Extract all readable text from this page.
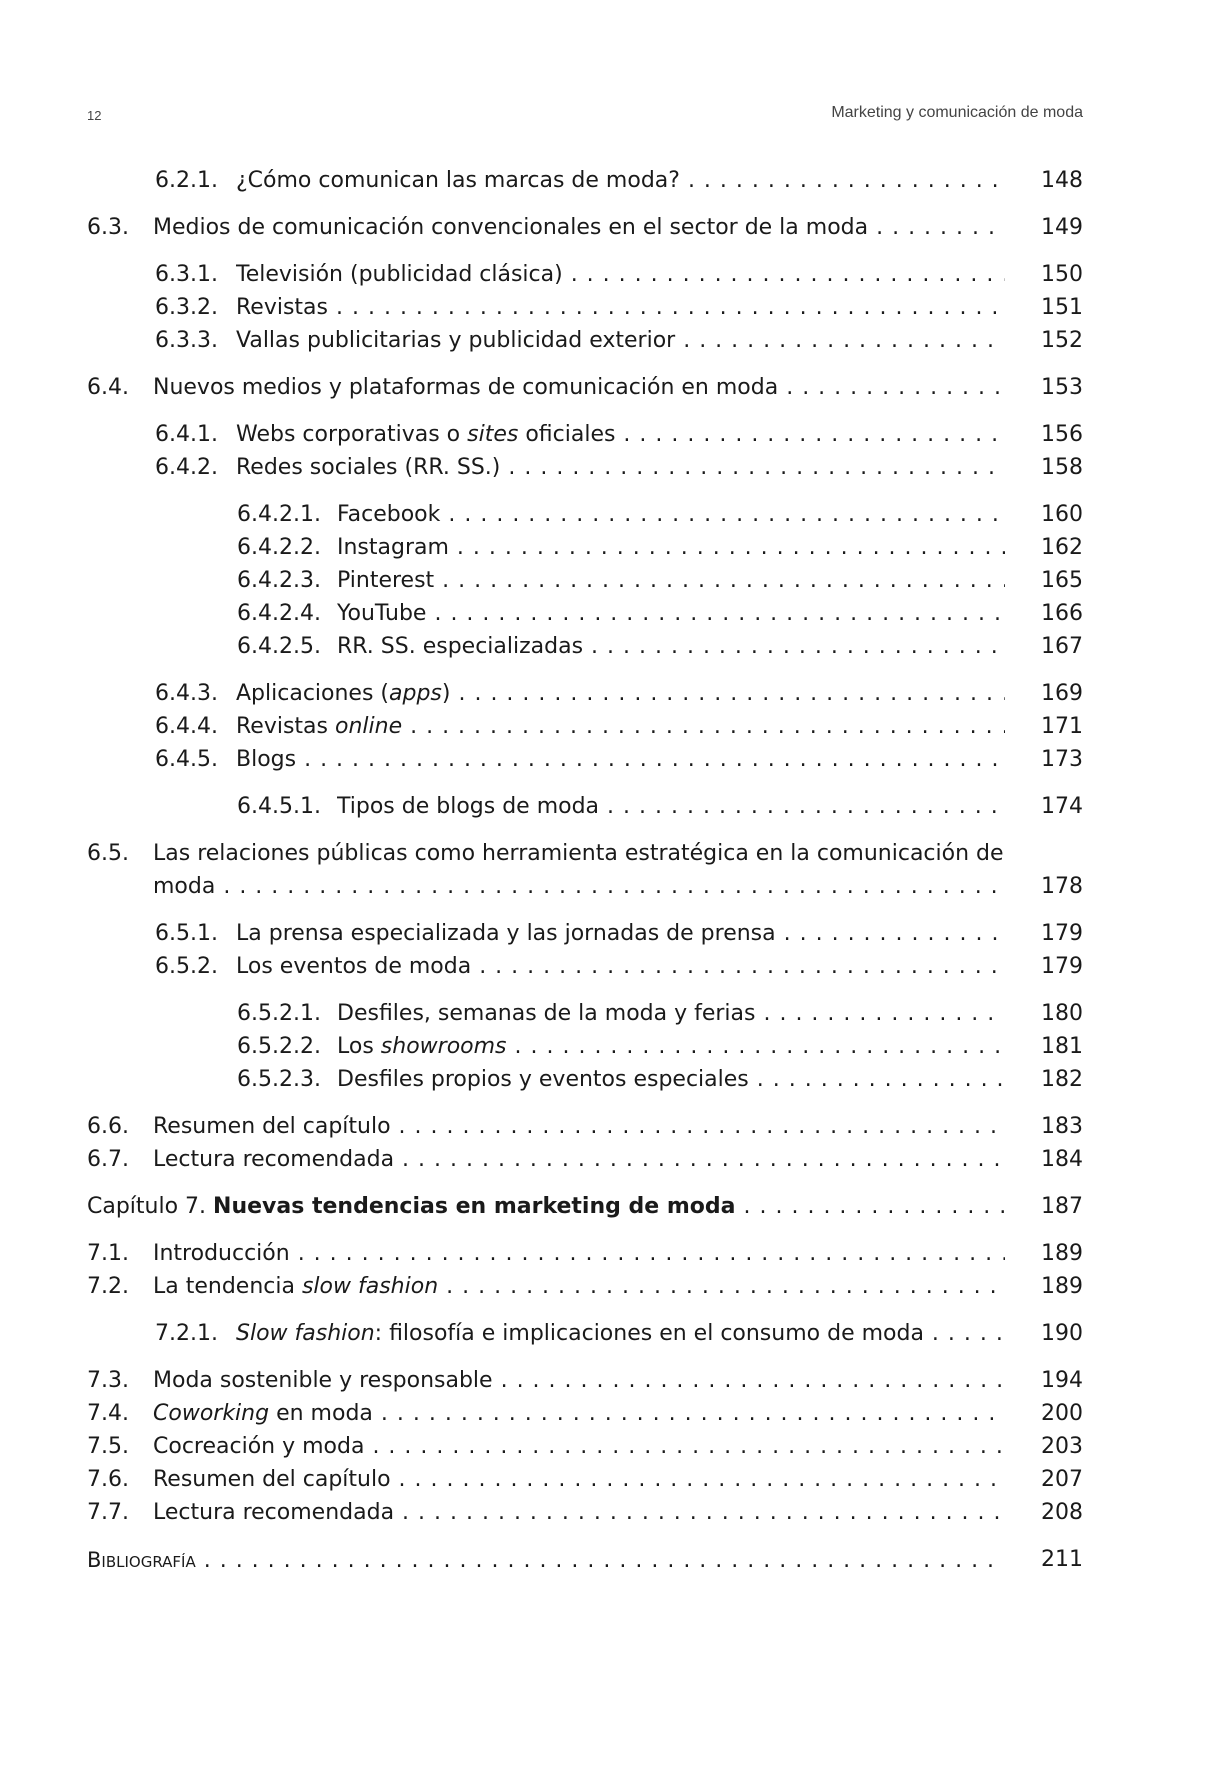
12	Marketing y comunicación de moda
6.2.1. ¿Cómo comunican las marcas de moda? . . .	148
6.3. Medios de comunicación convencionales en el sector de la moda . . .	149
6.3.1. Televisión (publicidad clásica) . . .	150
6.3.2. Revistas . . .	151
6.3.3. Vallas publicitarias y publicidad exterior . . .	152
6.4. Nuevos medios y plataformas de comunicación en moda . . .	153
6.4.1. Webs corporativas o sites oficiales . . .	156
6.4.2. Redes sociales (RR. SS.) . . .	158
6.4.2.1. Facebook . . .	160
6.4.2.2. Instagram . . .	162
6.4.2.3. Pinterest . . .	165
6.4.2.4. YouTube . . .	166
6.4.2.5. RR. SS. especializadas . . .	167
6.4.3. Aplicaciones (apps) . . .	169
6.4.4. Revistas online . . .	171
6.4.5. Blogs . . .	173
6.4.5.1. Tipos de blogs de moda . . .	174
6.5. Las relaciones públicas como herramienta estratégica en la comunicación de
moda . . .	178
6.5.1. La prensa especializada y las jornadas de prensa . . .	179
6.5.2. Los eventos de moda . . .	179
6.5.2.1. Desfiles, semanas de la moda y ferias . . .	180
6.5.2.2. Los showrooms . . .	181
6.5.2.3. Desfiles propios y eventos especiales . . .	182
6.6. Resumen del capítulo . . .	183
6.7. Lectura recomendada . . .	184
Capítulo 7. Nuevas tendencias en marketing de moda . . .	187
7.1. Introducción . . .	189
7.2. La tendencia slow fashion . . .	189
7.2.1. Slow fashion: filosofía e implicaciones en el consumo de moda . . .	190
7.3. Moda sostenible y responsable . . .	194
7.4. Coworking en moda . . .	200
7.5. Cocreación y moda . . .	203
7.6. Resumen del capítulo . . .	207
7.7. Lectura recomendada . . .	208
Bibliografía . . .	211
